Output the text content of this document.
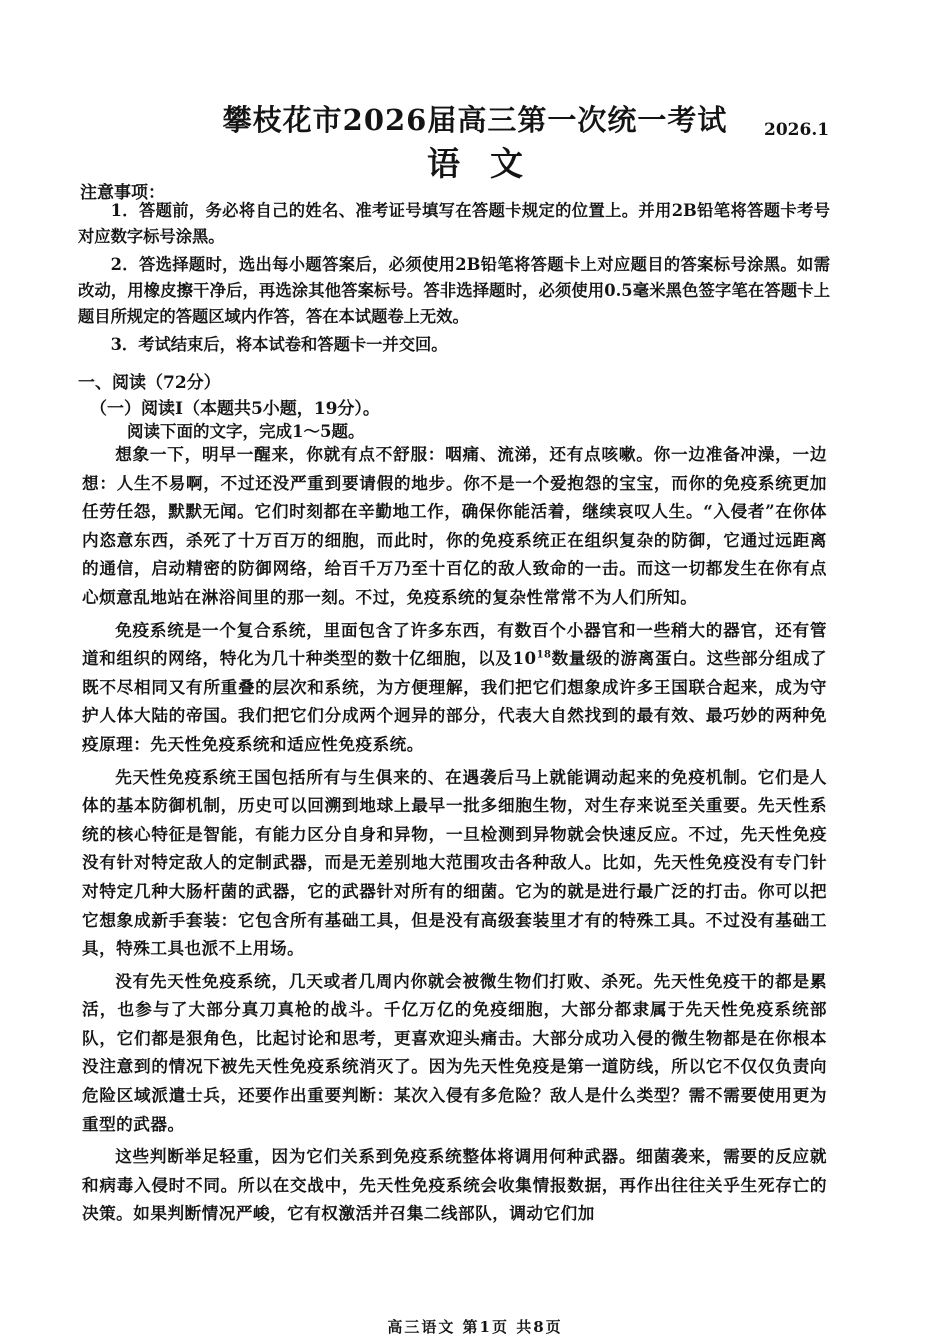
攀枝花市2026届高三第一次统一考试	2026.1
语文
注意事项：

1．答题前，务必将自己的姓名、准考证号填写在答题卡规定的位置上。并用2B铅笔将答题卡考号对应数字标号涂黑。

2．答选择题时，选出每小题答案后，必须使用2B铅笔将答题卡上对应题目的答案标号涂黑。如需改动，用橡皮擦干净后，再选涂其他答案标号。答非选择题时，必须使用0.5毫米黑色签字笔在答题卡上题目所规定的答题区域内作答，答在本试题卷上无效。

3．考试结束后，将本试卷和答题卡一并交回。

一、阅读（72分）
（一）阅读I（本题共5小题，19分）。
阅读下面的文字，完成1～5题。

想象一下，明早一醒来，你就有点不舒服：咽痛、流涕，还有点咳嗽。你一边准备冲澡，一边想：人生不易啊，不过还没严重到要请假的地步。你不是一个爱抱怨的宝宝，而你的免疫系统更加任劳任怨，默默无闻。它们时刻都在辛勤地工作，确保你能活着，继续哀叹人生。“入侵者”在你体内恣意东西，杀死了十万百万的细胞，而此时，你的免疫系统正在组织复杂的防御，它通过远距离的通信，启动精密的防御网络，给百千万乃至十百亿的敌人致命的一击。而这一切都发生在你有点心烦意乱地站在淋浴间里的那一刻。不过，免疫系统的复杂性常常不为人们所知。

免疫系统是一个复合系统，里面包含了许多东西，有数百个小器官和一些稍大的器官，还有管道和组织的网络，特化为几十种类型的数十亿细胞，以及$10^{18}$数量级的游离蛋白。这些部分组成了既不尽相同又有所重叠的层次和系统，为方便理解，我们把它们想象成许多王国联合起来，成为守护人体大陆的帝国。我们把它们分成两个迥异的部分，代表大自然找到的最有效、最巧妙的两种免疫原理：先天性免疫系统和适应性免疫系统。

先天性免疫系统王国包括所有与生俱来的、在遇袭后马上就能调动起来的免疫机制。它们是人体的基本防御机制，历史可以回溯到地球上最早一批多细胞生物，对生存来说至关重要。先天性系统的核心特征是智能，有能力区分自身和异物，一旦检测到异物就会快速反应。不过，先天性免疫没有针对特定敌人的定制武器，而是无差别地大范围攻击各种敌人。比如，先天性免疫没有专门针对特定几种大肠杆菌的武器，它的武器针对所有的细菌。它为的就是进行最广泛的打击。你可以把它想象成新手套装：它包含所有基础工具，但是没有高级套装里才有的特殊工具。不过没有基础工具，特殊工具也派不上用场。

没有先天性免疫系统，几天或者几周内你就会被微生物们打败、杀死。先天性免疫干的都是累活，也参与了大部分真刀真枪的战斗。千亿万亿的免疫细胞，大部分都隶属于先天性免疫系统部队，它们都是狠角色，比起讨论和思考，更喜欢迎头痛击。大部分成功入侵的微生物都是在你根本没注意到的情况下被先天性免疫系统消灭了。因为先天性免疫是第一道防线，所以它不仅仅负责向危险区域派遣士兵，还要作出重要判断：某次入侵有多危险？敌人是什么类型？需不需要使用更为重型的武器。

这些判断举足轻重，因为它们关系到免疫系统整体将调用何种武器。细菌袭来，需要的反应就和病毒入侵时不同。所以在交战中，先天性免疫系统会收集情报数据，再作出往往关乎生死存亡的决策。如果判断情况严峻，它有权激活并召集二线部队，调动它们加

高三语文 第1页 共8页
